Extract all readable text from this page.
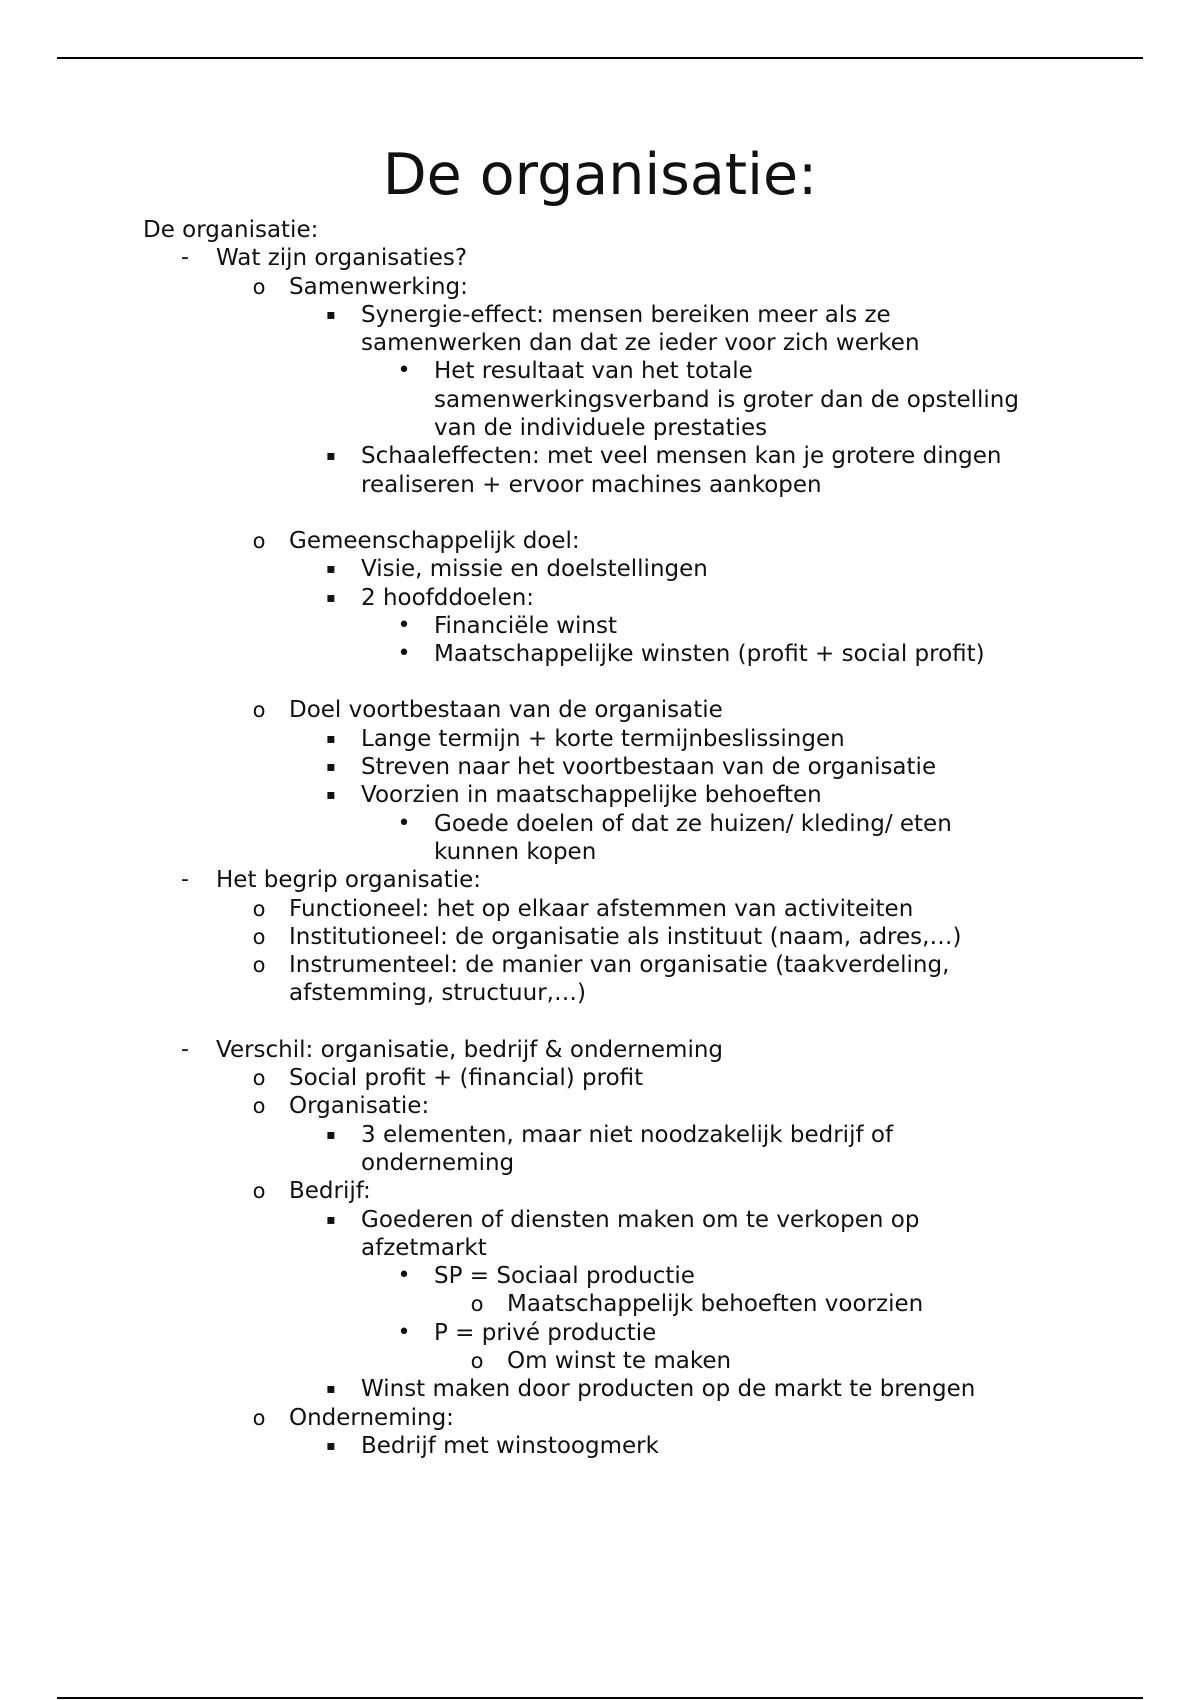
De organisatie:
De organisatie:
-	Wat zijn organisaties?
o	Samenwerking:
▪	Synergie-effect: mensen bereiken meer als ze
samenwerken dan dat ze ieder voor zich werken
•	Het resultaat van het totale
samenwerkingsverband is groter dan de opstelling
van de individuele prestaties
▪	Schaaleffecten: met veel mensen kan je grotere dingen
realiseren + ervoor machines aankopen
o	Gemeenschappelijk doel:
▪	Visie, missie en doelstellingen
▪	2 hoofddoelen:
•	Financiële winst
•	Maatschappelijke winsten (profit + social profit)
o	Doel voortbestaan van de organisatie
▪	Lange termijn + korte termijnbeslissingen
▪	Streven naar het voortbestaan van de organisatie
▪	Voorzien in maatschappelijke behoeften
•	Goede doelen of dat ze huizen/ kleding/ eten
kunnen kopen
-	Het begrip organisatie:
o	Functioneel: het op elkaar afstemmen van activiteiten
o	Institutioneel: de organisatie als instituut (naam, adres,…)
o	Instrumenteel: de manier van organisatie (taakverdeling,
afstemming, structuur,…)
-	Verschil: organisatie, bedrijf & onderneming
o	Social profit + (financial) profit
o	Organisatie:
▪	3 elementen, maar niet noodzakelijk bedrijf of
onderneming
o	Bedrijf:
▪	Goederen of diensten maken om te verkopen op
afzetmarkt
•	SP = Sociaal productie
o	Maatschappelijk behoeften voorzien
•	P = privé productie
o	Om winst te maken
▪	Winst maken door producten op de markt te brengen
o	Onderneming:
▪	Bedrijf met winstoogmerk
